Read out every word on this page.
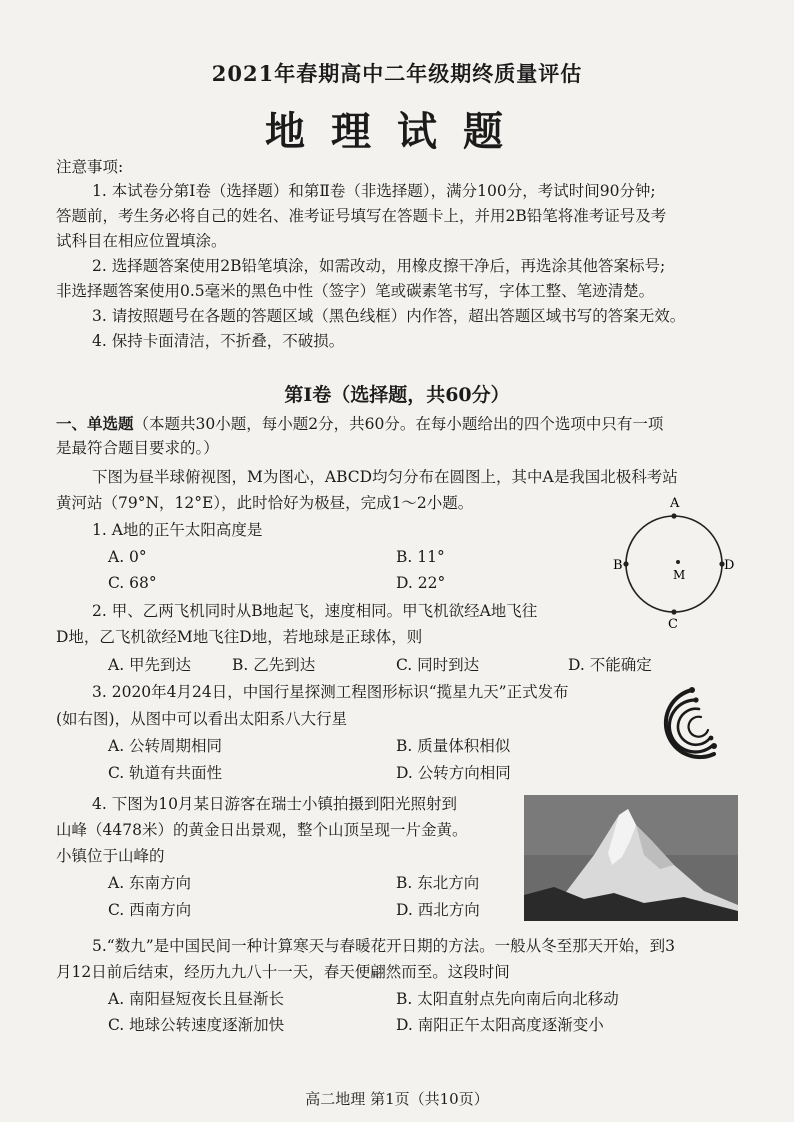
2021年春期高中二年级期终质量评估
地理试题
注意事项:
1. 本试卷分第Ⅰ卷（选择题）和第Ⅱ卷（非选择题），满分100分，考试时间90分钟;
答题前，考生务必将自己的姓名、准考证号填写在答题卡上，并用2B铅笔将准考证号及考
试科目在相应位置填涂。
2. 选择题答案使用2B铅笔填涂，如需改动，用橡皮擦干净后，再选涂其他答案标号;
非选择题答案使用0.5毫米的黑色中性（签字）笔或碳素笔书写，字体工整、笔迹清楚。
3. 请按照题号在各题的答题区域（黑色线框）内作答，超出答题区域书写的答案无效。
4. 保持卡面清洁，不折叠，不破损。
第Ⅰ卷（选择题，共60分）
一、单选题（本题共30小题，每小题2分，共60分。在每小题给出的四个选项中只有一项
是最符合题目要求的。）
下图为昼半球俯视图，M为图心，ABCD均匀分布在圆图上，其中A是我国北极科考站
黄河站（79°N，12°E），此时恰好为极昼，完成1～2小题。
1. A地的正午太阳高度是
A. 0°	B. 11°
C. 68°	D. 22°
A
B	D
C
M
2. 甲、乙两飞机同时从B地起飞，速度相同。甲飞机欲经A地飞往
D地，乙飞机欲经M地飞往D地，若地球是正球体，则
A. 甲先到达	B. 乙先到达	C. 同时到达	D. 不能确定
3. 2020年4月24日，中国行星探测工程图形标识“揽星九天”正式发布
(如右图)，从图中可以看出太阳系八大行星
A. 公转周期相同	B. 质量体积相似
C. 轨道有共面性	D. 公转方向相同
4. 下图为10月某日游客在瑞士小镇拍摄到阳光照射到
山峰（4478米）的黄金日出景观，整个山顶呈现一片金黄。
小镇位于山峰的
A. 东南方向	B. 东北方向
C. 西南方向	D. 西北方向
5.“数九”是中国民间一种计算寒天与春暖花开日期的方法。一般从冬至那天开始，到3
月12日前后结束，经历九九八十一天，春天便翩然而至。这段时间
A. 南阳昼短夜长且昼渐长	B. 太阳直射点先向南后向北移动
C. 地球公转速度逐渐加快	D. 南阳正午太阳高度逐渐变小
高二地理 第1页（共10页）
